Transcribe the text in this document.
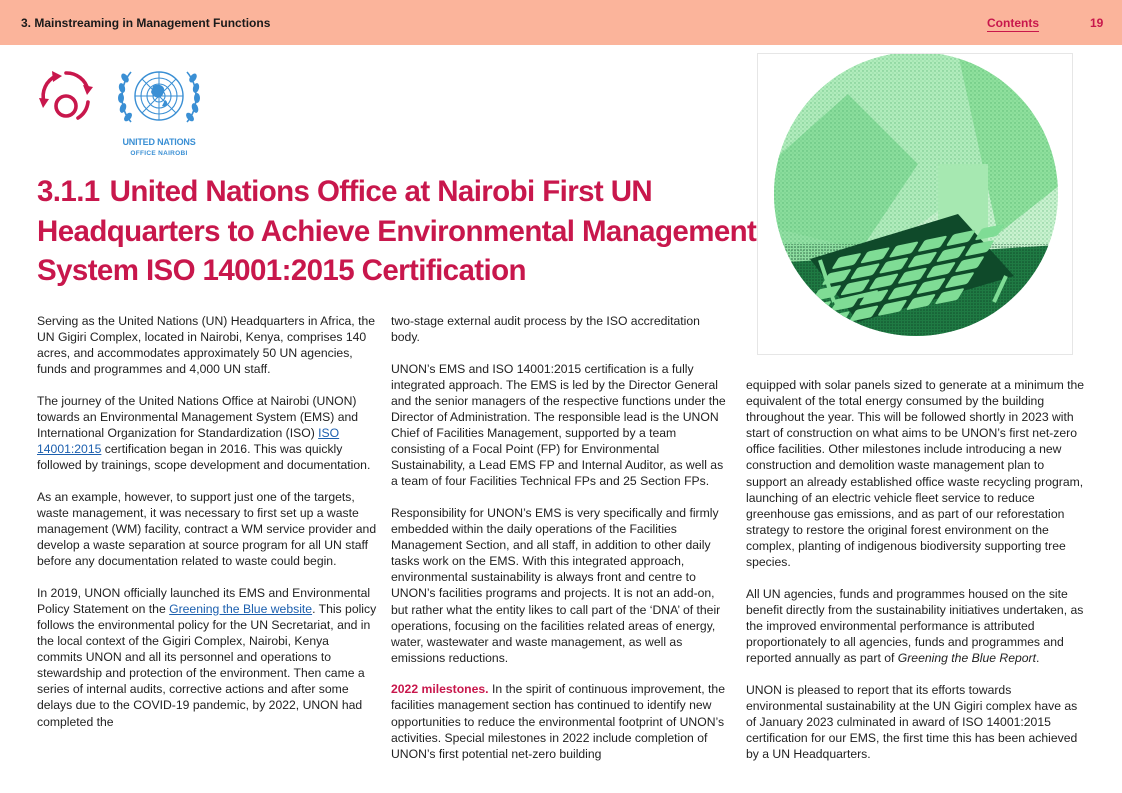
3. Mainstreaming in Management Functions	Contents	19
UNITED NATIONS
OFFICE NAIROBI
3.1.1 United Nations Office at Nairobi First UN
Headquarters to Achieve Environmental Management
System ISO 14001:2015 Certification

Serving as the United Nations (UN) Headquarters in Africa, the UN Gigiri Complex, located in Nairobi, Kenya, comprises 140 acres, and accommodates approximately 50 UN agencies, funds and programmes and 4,000 UN staff.

The journey of the United Nations Office at Nairobi (UNON) towards an Environmental Management System (EMS) and International Organization for Standardization (ISO) ISO 14001:2015 certification began in 2016. This was quickly followed by trainings, scope development and documentation.

As an example, however, to support just one of the targets, waste management, it was necessary to first set up a waste management (WM) facility, contract a WM service provider and develop a waste separation at source program for all UN staff before any documentation related to waste could begin.

In 2019, UNON officially launched its EMS and Environmental Policy Statement on the Greening the Blue website. This policy follows the environmental policy for the UN Secretariat, and in the local context of the Gigiri Complex, Nairobi, Kenya commits UNON and all its personnel and operations to stewardship and protection of the environment. Then came a series of internal audits, corrective actions and after some delays due to the COVID-19 pandemic, by 2022, UNON had completed the

two-stage external audit process by the ISO accreditation body.

UNON’s EMS and ISO 14001:2015 certification is a fully integrated approach. The EMS is led by the Director General and the senior managers of the respective functions under the Director of Administration. The responsible lead is the UNON Chief of Facilities Management, supported by a team consisting of a Focal Point (FP) for Environmental Sustainability, a Lead EMS FP and Internal Auditor, as well as a team of four Facilities Technical FPs and 25 Section FPs.

Responsibility for UNON’s EMS is very specifically and firmly embedded within the daily operations of the Facilities Management Section, and all staff, in addition to other daily tasks work on the EMS. With this integrated approach, environmental sustainability is always front and centre to UNON’s facilities programs and projects. It is not an add-on, but rather what the entity likes to call part of the ‘DNA’ of their operations, focusing on the facilities related areas of energy, water, wastewater and waste management, as well as emissions reductions.

2022 milestones. In the spirit of continuous improvement, the facilities management section has continued to identify new opportunities to reduce the environmental footprint of UNON’s activities. Special milestones in 2022 include completion of UNON’s first potential net-zero building

equipped with solar panels sized to generate at a minimum the equivalent of the total energy consumed by the building throughout the year. This will be followed shortly in 2023 with start of construction on what aims to be UNON’s first net-zero office facilities. Other milestones include introducing a new construction and demolition waste management plan to support an already established office waste recycling program, launching of an electric vehicle fleet service to reduce greenhouse gas emissions, and as part of our reforestation strategy to restore the original forest environment on the complex, planting of indigenous biodiversity supporting tree species.

All UN agencies, funds and programmes housed on the site benefit directly from the sustainability initiatives undertaken, as the improved environmental performance is attributed proportionately to all agencies, funds and programmes and reported annually as part of Greening the Blue Report.

UNON is pleased to report that its efforts towards environmental sustainability at the UN Gigiri complex have as of January 2023 culminated in award of ISO 14001:2015 certification for our EMS, the first time this has been achieved by a UN Headquarters.
